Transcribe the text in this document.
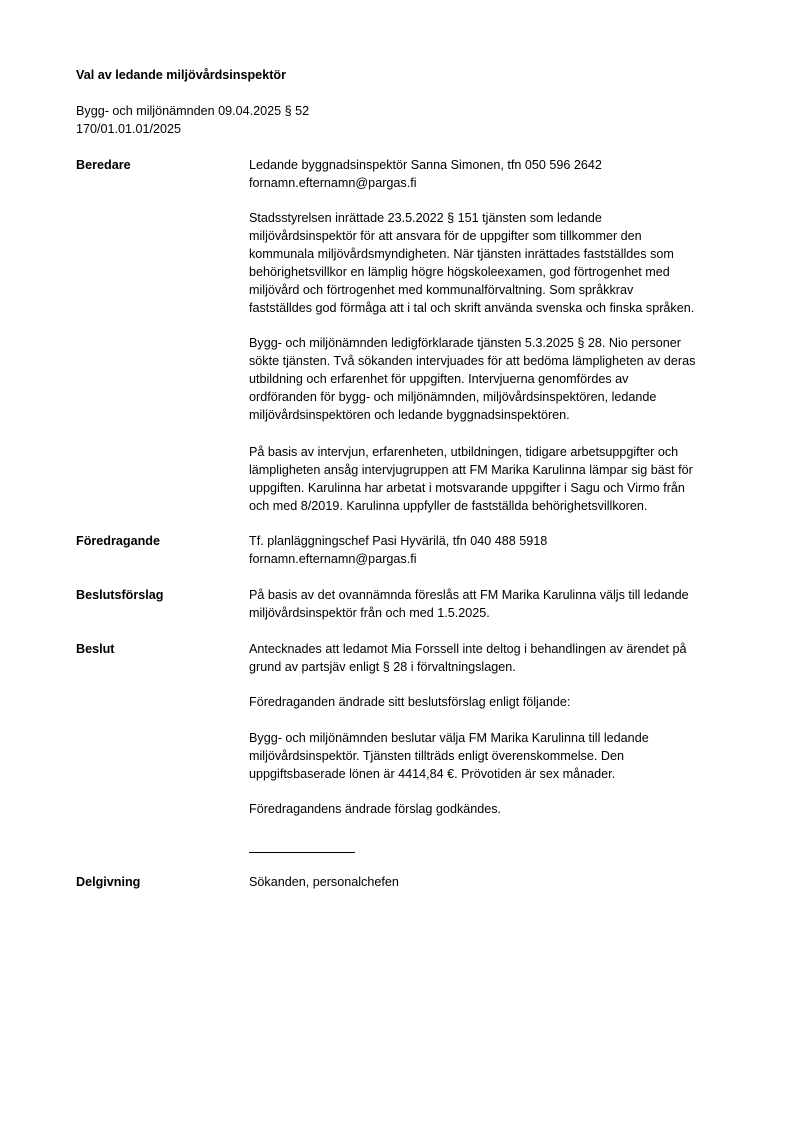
Val av ledande miljövårdsinspektör
Bygg- och miljönämnden 09.04.2025 § 52
170/01.01.01/2025
Beredare	Ledande byggnadsinspektör Sanna Simonen, tfn 050 596 2642
fornamn.efternamn@pargas.fi
Stadsstyrelsen inrättade 23.5.2022 § 151 tjänsten som ledande
miljövårdsinspektör för att ansvara för de uppgifter som tillkommer den
kommunala miljövårdsmyndigheten. När tjänsten inrättades fastställdes som
behörighetsvillkor en lämplig högre högskoleexamen, god förtrogenhet med
miljövård och förtrogenhet med kommunalförvaltning. Som språkkrav
fastställdes god förmåga att i tal och skrift använda svenska och finska språken.
Bygg- och miljönämnden ledigförklarade tjänsten 5.3.2025 § 28. Nio personer
sökte tjänsten. Två sökanden intervjuades för att bedöma lämpligheten av deras
utbildning och erfarenhet för uppgiften. Intervjuerna genomfördes av
ordföranden för bygg- och miljönämnden, miljövårdsinspektören, ledande
miljövårdsinspektören och ledande byggnadsinspektören.
På basis av intervjun, erfarenheten, utbildningen, tidigare arbetsuppgifter och
lämpligheten ansåg intervjugruppen att FM Marika Karulinna lämpar sig bäst för
uppgiften. Karulinna har arbetat i motsvarande uppgifter i Sagu och Virmo från
och med 8/2019. Karulinna uppfyller de fastställda behörighetsvillkoren.
Föredragande	Tf. planläggningschef Pasi Hyvärilä, tfn 040 488 5918
fornamn.efternamn@pargas.fi
Beslutsförslag	På basis av det ovannämnda föreslås att FM Marika Karulinna väljs till ledande
miljövårdsinspektör från och med 1.5.2025.
Beslut	Antecknades att ledamot Mia Forssell inte deltog i behandlingen av ärendet på
grund av partsjäv enligt § 28 i förvaltningslagen.
Föredraganden ändrade sitt beslutsförslag enligt följande:
Bygg- och miljönämnden beslutar välja FM Marika Karulinna till ledande
miljövårdsinspektör. Tjänsten tillträds enligt överenskommelse. Den
uppgiftsbaserade lönen är 4414,84 €. Prövotiden är sex månader.
Föredragandens ändrade förslag godkändes.
Delgivning	Sökanden, personalchefen
